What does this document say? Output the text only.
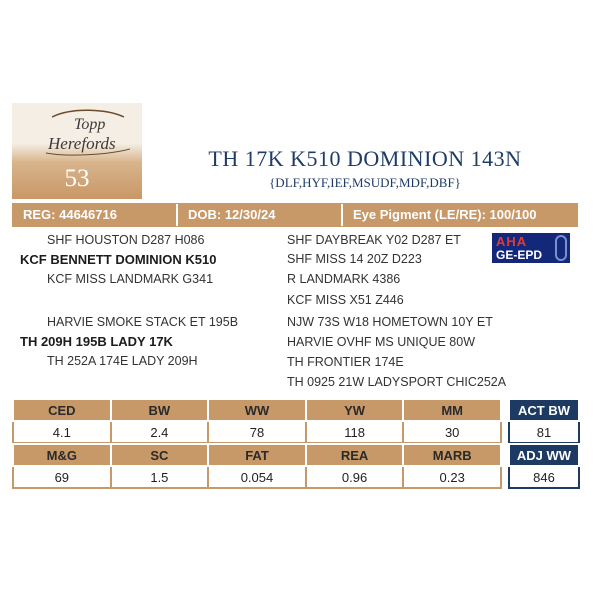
Topp
Herefords
53
TH 17K K510 DOMINION 143N
{DLF,HYF,IEF,MSUDF,MDF,DBF}
REG: 44646716	DOB: 12/30/24	Eye Pigment (LE/RE): 100/100
SHF HOUSTON D287 H086
KCF BENNETT DOMINION K510
KCF MISS LANDMARK G341
HARVIE SMOKE STACK ET 195B
TH 209H 195B LADY 17K
TH 252A 174E LADY 209H
SHF DAYBREAK Y02 D287 ET
SHF MISS 14 20Z D223
R LANDMARK 4386
KCF MISS X51 Z446
NJW 73S W18 HOMETOWN 10Y ET
HARVIE OVHF MS UNIQUE 80W
TH FRONTIER 174E
TH 0925 21W LADYSPORT CHIC252A
AHA
GE-EPD
CED	BW	WW	YW	MM
4.1	2.4	78	118	30
M&G	SC	FAT	REA	MARB
69	1.5	0.054	0.96	0.23
ACT BW
81
ADJ WW
846
